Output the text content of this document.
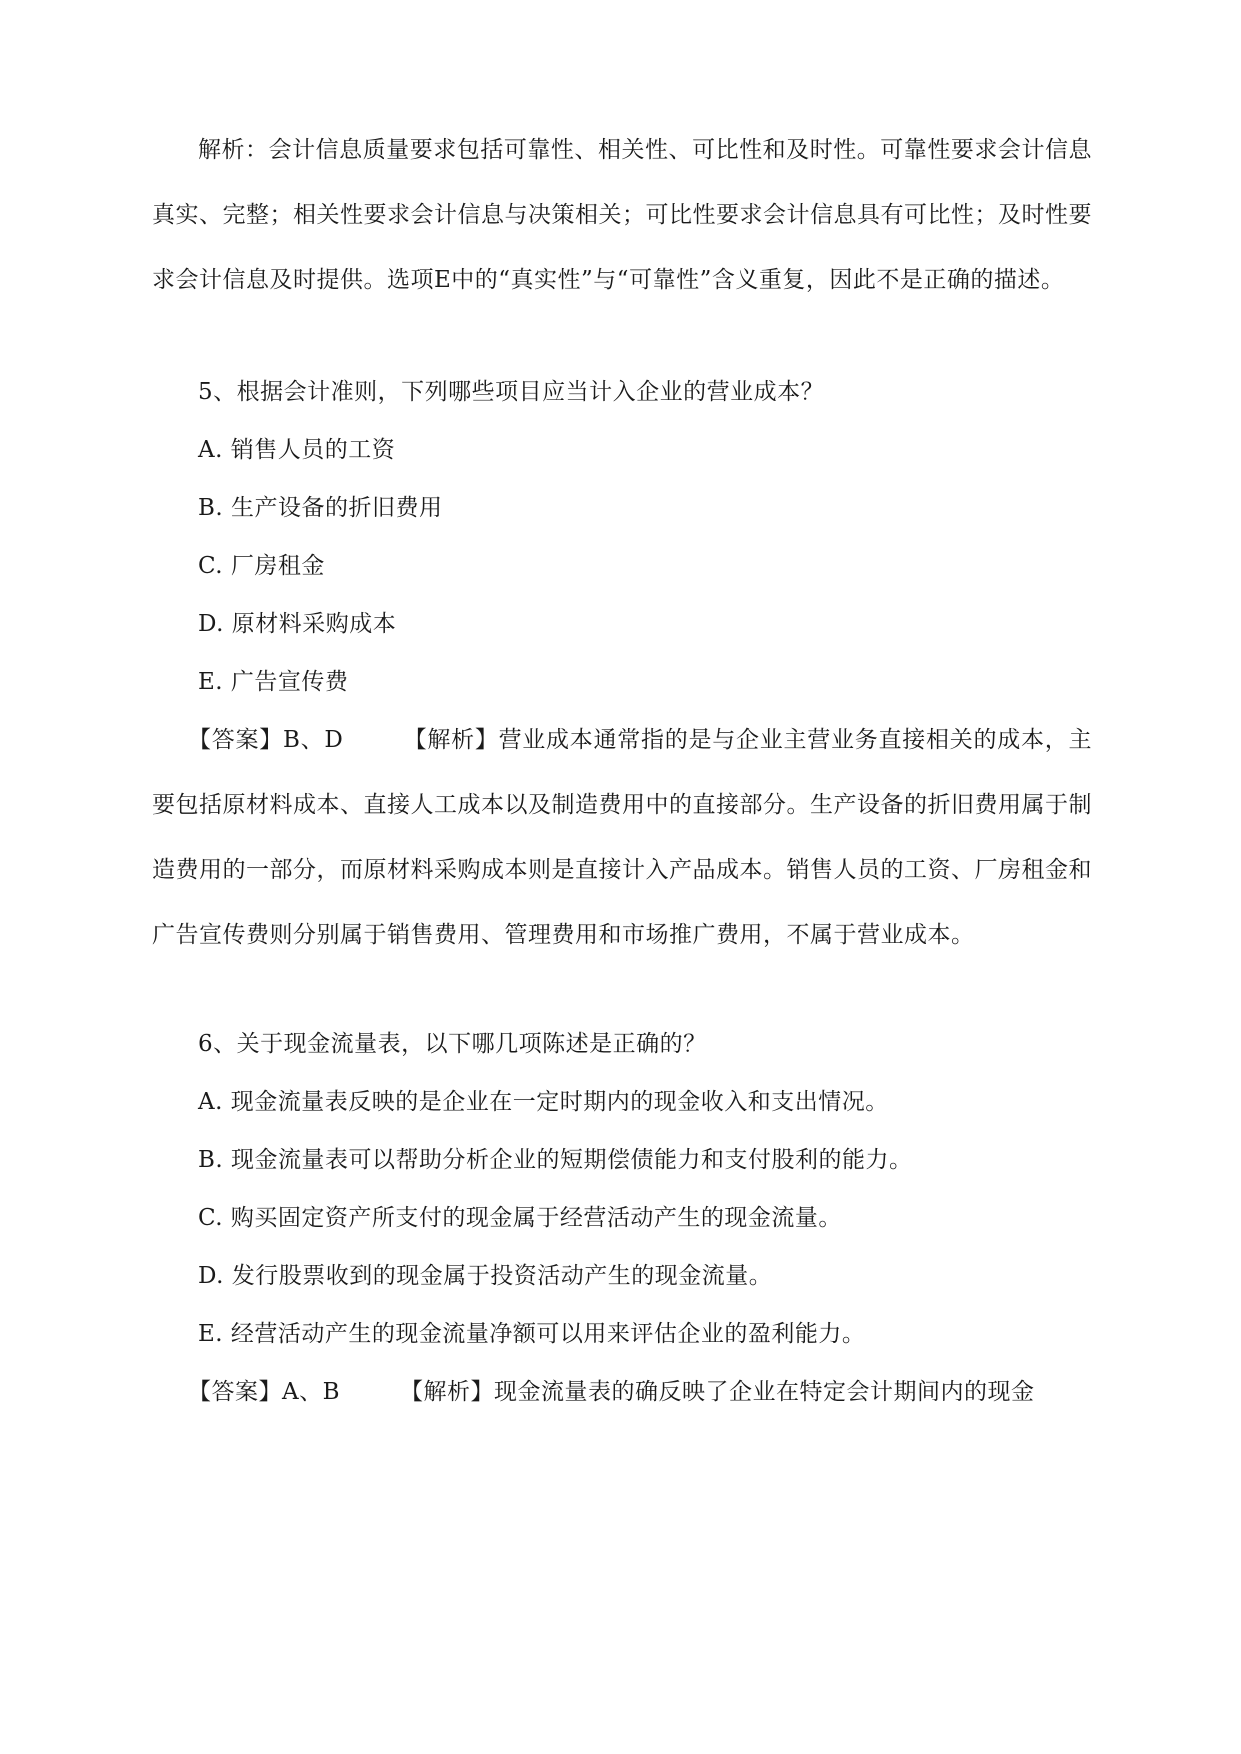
解析：会计信息质量要求包括可靠性、相关性、可比性和及时性。可靠性要求会计信息真实、完整；相关性要求会计信息与决策相关；可比性要求会计信息具有可比性；及时性要求会计信息及时提供。选项E中的“真实性”与“可靠性”含义重复，因此不是正确的描述。
5、根据会计准则，下列哪些项目应当计入企业的营业成本？
A. 销售人员的工资
B. 生产设备的折旧费用
C. 厂房租金
D. 原材料采购成本
E. 广告宣传费
【答案】B、D	【解析】营业成本通常指的是与企业主营业务直接相关的成本，主要包括原材料成本、直接人工成本以及制造费用中的直接部分。生产设备的折旧费用属于制造费用的一部分，而原材料采购成本则是直接计入产品成本。销售人员的工资、厂房租金和广告宣传费则分别属于销售费用、管理费用和市场推广费用，不属于营业成本。
6、关于现金流量表，以下哪几项陈述是正确的？
A. 现金流量表反映的是企业在一定时期内的现金收入和支出情况。
B. 现金流量表可以帮助分析企业的短期偿债能力和支付股利的能力。
C. 购买固定资产所支付的现金属于经营活动产生的现金流量。
D. 发行股票收到的现金属于投资活动产生的现金流量。
E. 经营活动产生的现金流量净额可以用来评估企业的盈利能力。
【答案】A、B	【解析】现金流量表的确反映了企业在特定会计期间内的现金
